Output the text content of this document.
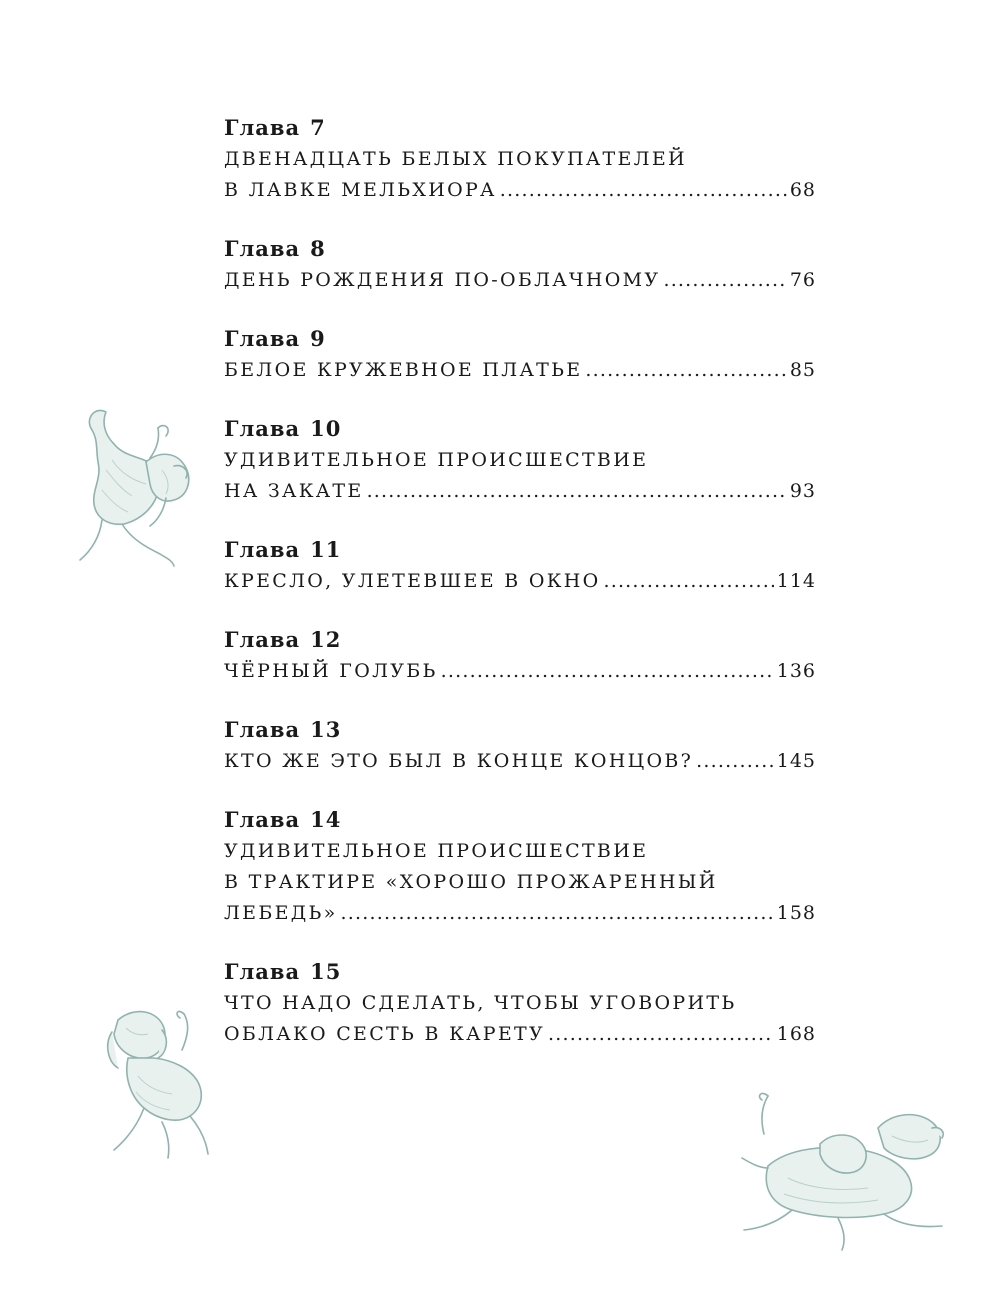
Глава 7

ДВЕНАДЦАТЬ БЕЛЫХ ПОКУПАТЕЛЕЙ

В ЛАВКЕ МЕЛЬХИОРА .....	68

Глава 8

ДЕНЬ РОЖДЕНИЯ ПО-ОБЛАЧНОМУ .....	76

Глава 9

БЕЛОЕ КРУЖЕВНОЕ ПЛАТЬЕ .....	85

Глава 10

УДИВИТЕЛЬНОЕ ПРОИСШЕСТВИЕ

НА ЗАКАТЕ .....	93

Глава 11

КРЕСЛО, УЛЕТЕВШЕЕ В ОКНО .....	114

Глава 12

ЧЁРНЫЙ ГОЛУБЬ .....	136

Глава 13

КТО ЖЕ ЭТО БЫЛ В КОНЦЕ КОНЦОВ? .....	145

Глава 14

УДИВИТЕЛЬНОЕ ПРОИСШЕСТВИЕ

В ТРАКТИРЕ «ХОРОШО ПРОЖАРЕННЫЙ

ЛЕБЕДЬ» .....	158

Глава 15

ЧТО НАДО СДЕЛАТЬ, ЧТОБЫ УГОВОРИТЬ

ОБЛАКО СЕСТЬ В КАРЕТУ .....	168
